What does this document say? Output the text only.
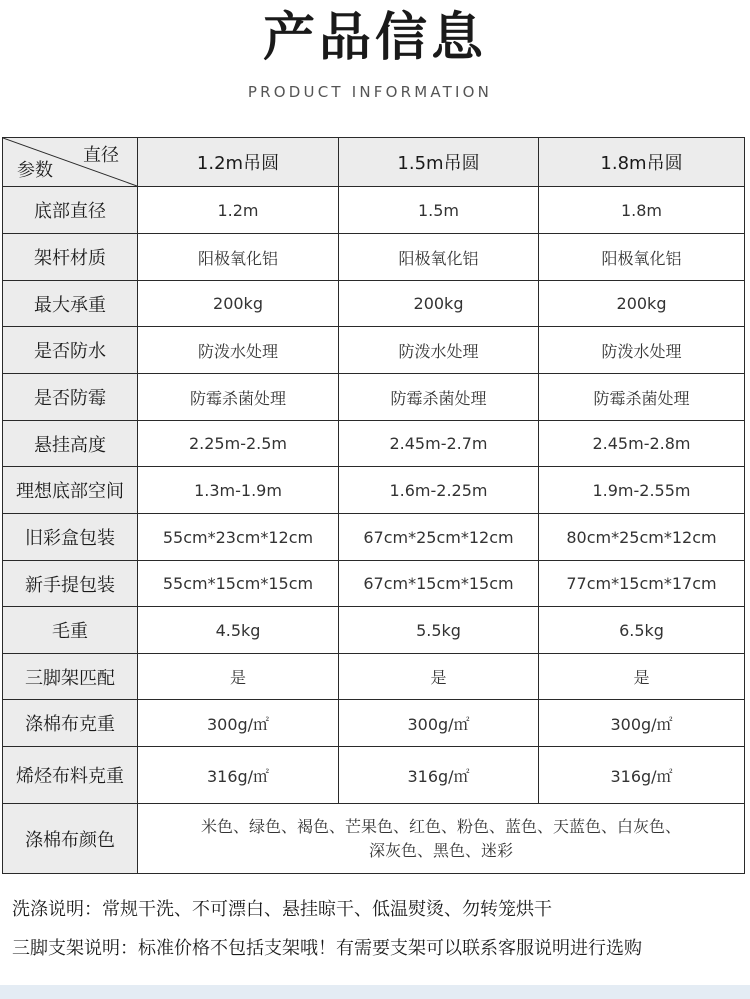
产品信息
PRODUCT INFORMATION
直径
参数	1.2m吊圆	1.5m吊圆	1.8m吊圆
底部直径	1.2m	1.5m	1.8m
架杆材质	阳极氧化铝	阳极氧化铝	阳极氧化铝
最大承重	200kg	200kg	200kg
是否防水	防泼水处理	防泼水处理	防泼水处理
是否防霉	防霉杀菌处理	防霉杀菌处理	防霉杀菌处理
悬挂高度	2.25m-2.5m	2.45m-2.7m	2.45m-2.8m
理想底部空间	1.3m-1.9m	1.6m-2.25m	1.9m-2.55m
旧彩盒包装	55cm*23cm*12cm	67cm*25cm*12cm	80cm*25cm*12cm
新手提包装	55cm*15cm*15cm	67cm*15cm*15cm	77cm*15cm*17cm
毛重	4.5kg	5.5kg	6.5kg
三脚架匹配	是	是	是
涤棉布克重	300g/㎡	300g/㎡	300g/㎡
烯烃布料克重	316g/㎡	316g/㎡	316g/㎡
涤棉布颜色	米色、绿色、褐色、芒果色、红色、粉色、蓝色、天蓝色、白灰色、
深灰色、黑色、迷彩		
洗涤说明：常规干洗、不可漂白、悬挂晾干、低温熨烫、勿转笼烘干
三脚支架说明：标准价格不包括支架哦！有需要支架可以联系客服说明进行选购
